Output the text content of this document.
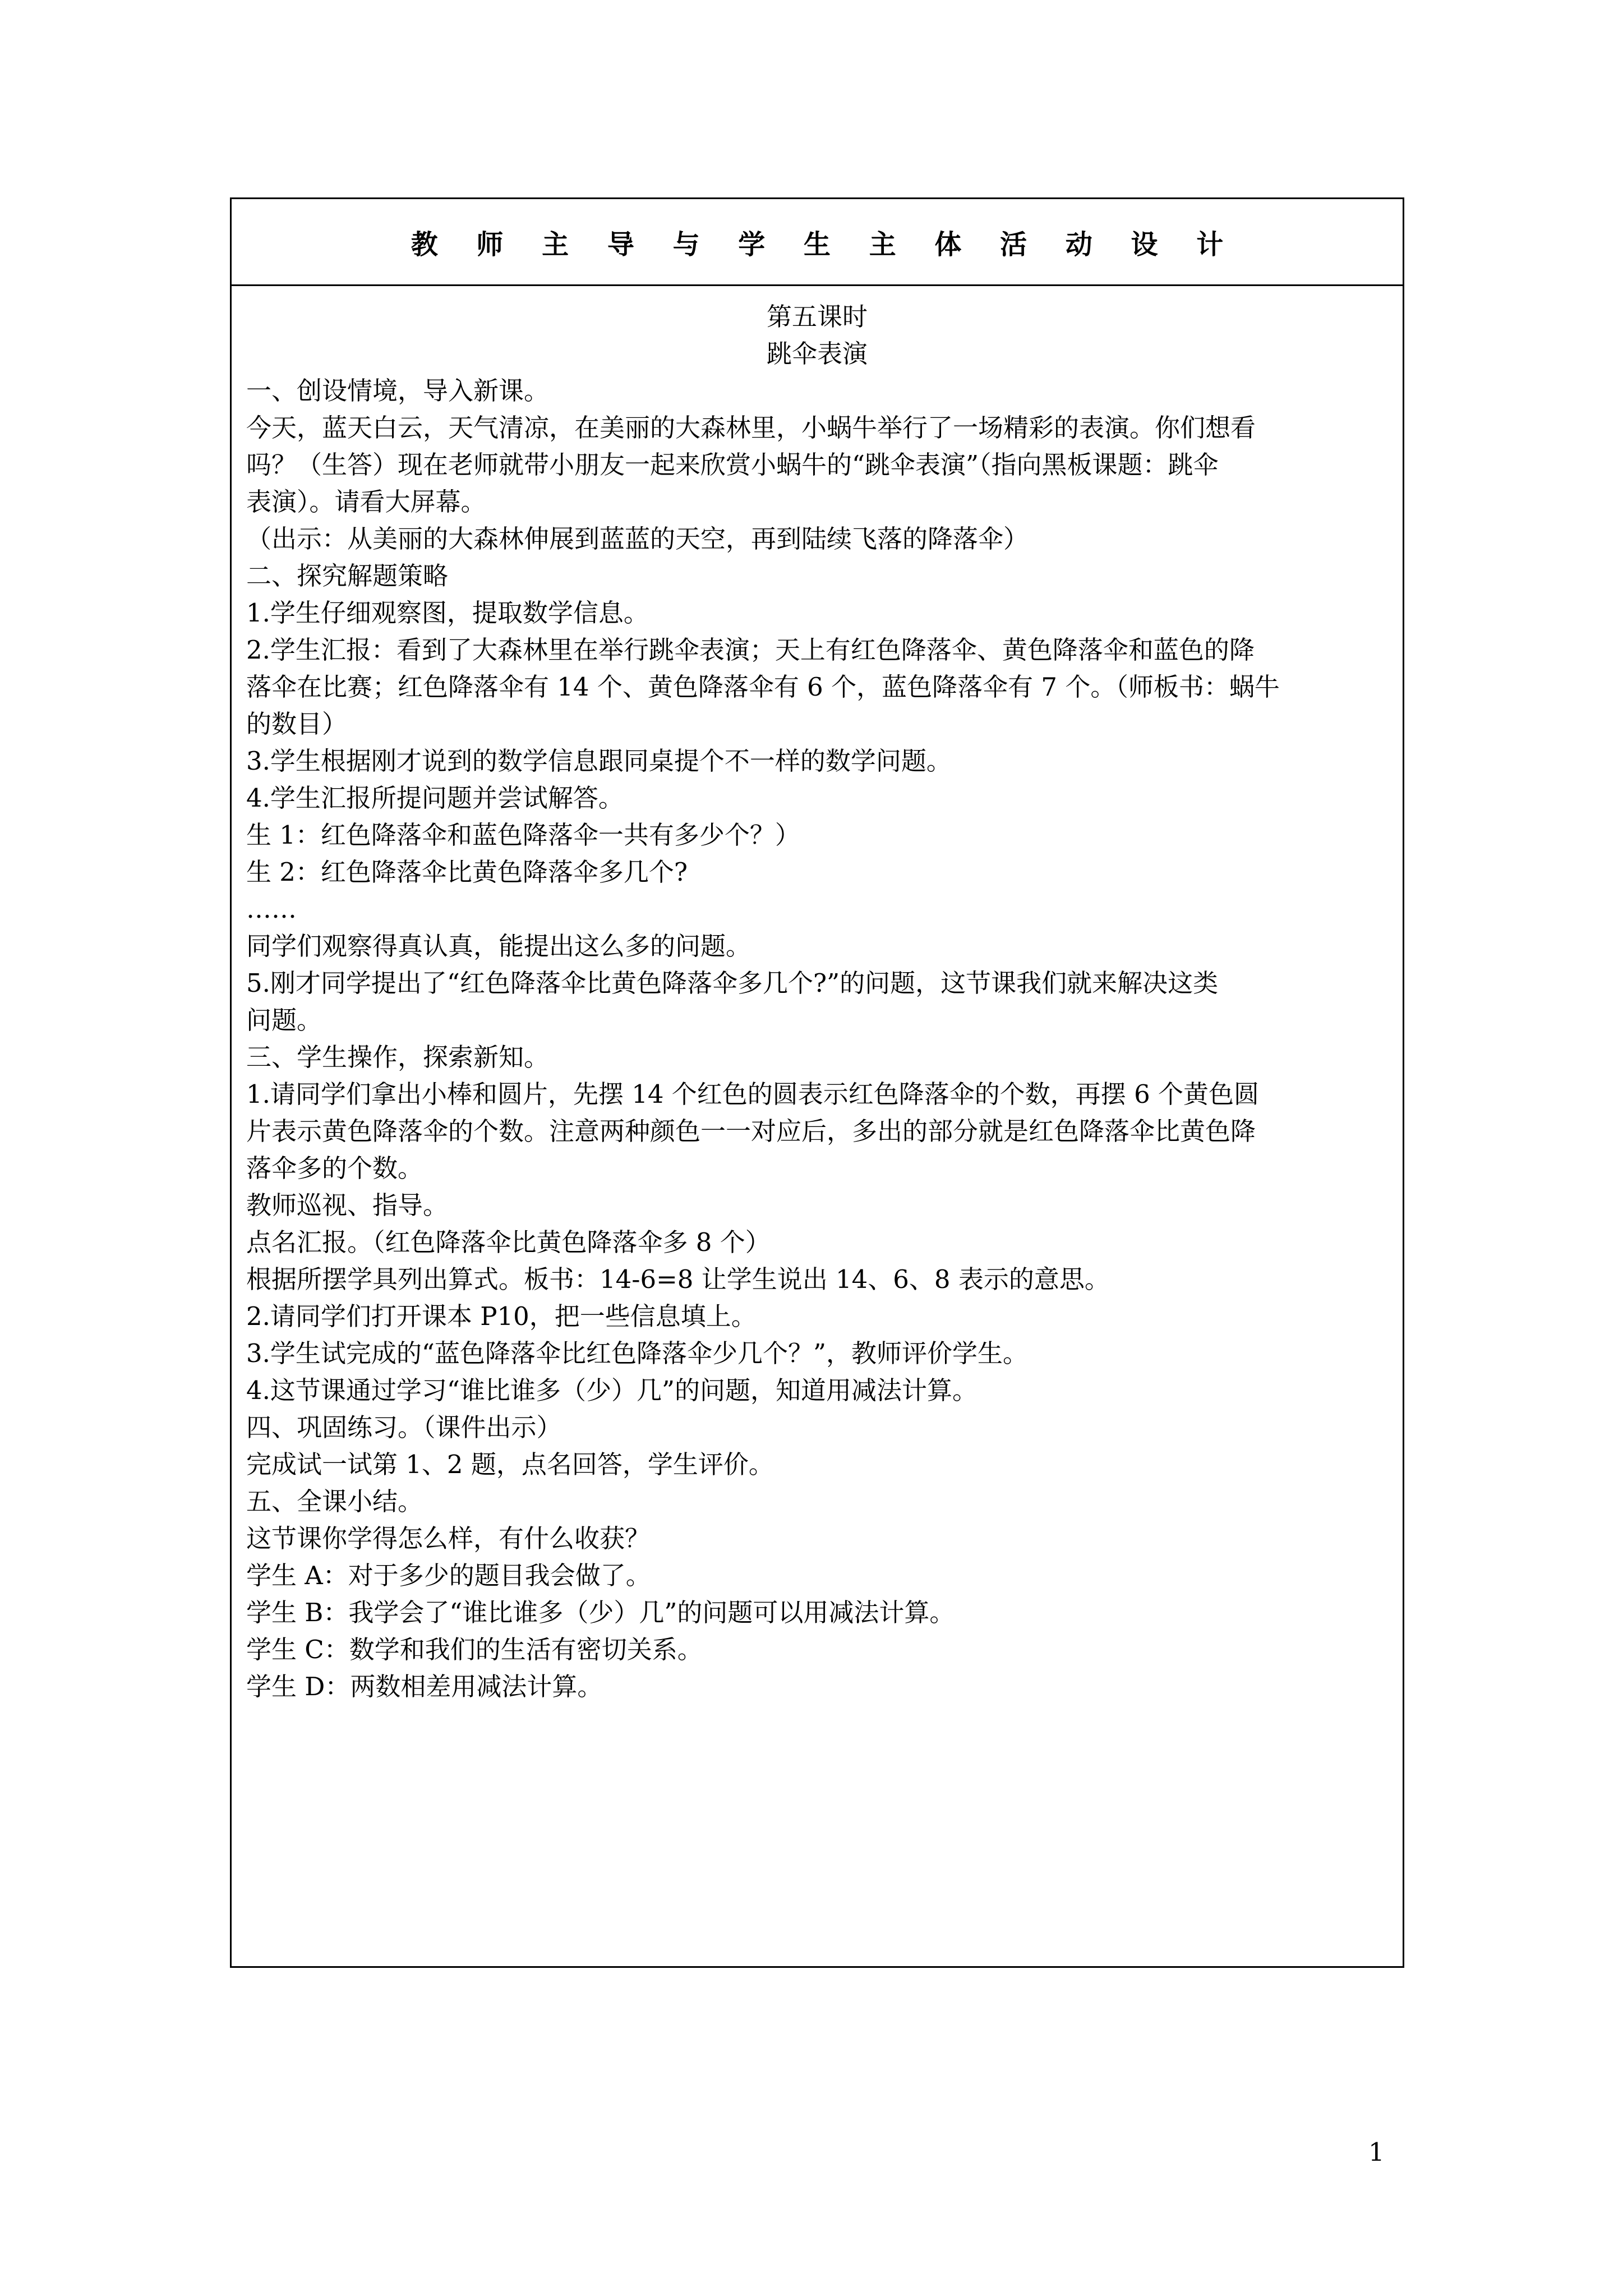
教 师 主 导 与 学 生 主 体 活 动 设 计
第五课时
跳伞表演
一、创设情境，导入新课。
今天，蓝天白云，天气清凉，在美丽的大森林里，小蜗牛举行了一场精彩的表演。你们想看
吗？（生答）现在老师就带小朋友一起来欣赏小蜗牛的“跳伞表演”（指向黑板课题：跳伞
表演）。请看大屏幕。
（出示：从美丽的大森林伸展到蓝蓝的天空，再到陆续飞落的降落伞）
二、探究解题策略
1.学生仔细观察图，提取数学信息。
2.学生汇报：看到了大森林里在举行跳伞表演；天上有红色降落伞、黄色降落伞和蓝色的降
落伞在比赛；红色降落伞有 14 个、黄色降落伞有 6 个，蓝色降落伞有 7 个。（师板书：蜗牛
的数目）
3.学生根据刚才说到的数学信息跟同桌提个不一样的数学问题。
4.学生汇报所提问题并尝试解答。
生 1：红色降落伞和蓝色降落伞一共有多少个？）
生 2：红色降落伞比黄色降落伞多几个?
……
同学们观察得真认真，能提出这么多的问题。
5.刚才同学提出了“红色降落伞比黄色降落伞多几个?”的问题，这节课我们就来解决这类
问题。
三、学生操作，探索新知。
1.请同学们拿出小棒和圆片，先摆 14 个红色的圆表示红色降落伞的个数，再摆 6 个黄色圆
片表示黄色降落伞的个数。注意两种颜色一一对应后，多出的部分就是红色降落伞比黄色降
落伞多的个数。
教师巡视、指导。
点名汇报。（红色降落伞比黄色降落伞多 8 个）
根据所摆学具列出算式。板书：14-6=8 让学生说出 14、6、8 表示的意思。
2.请同学们打开课本 P10，把一些信息填上。
3.学生试完成的“蓝色降落伞比红色降落伞少几个？”，教师评价学生。
4.这节课通过学习“谁比谁多（少）几”的问题，知道用减法计算。
四、巩固练习。（课件出示）
完成试一试第 1、2 题，点名回答，学生评价。
五、全课小结。
这节课你学得怎么样，有什么收获？
学生 A：对于多少的题目我会做了。
学生 B：我学会了“谁比谁多（少）几”的问题可以用减法计算。
学生 C：数学和我们的生活有密切关系。
学生 D：两数相差用减法计算。
1
